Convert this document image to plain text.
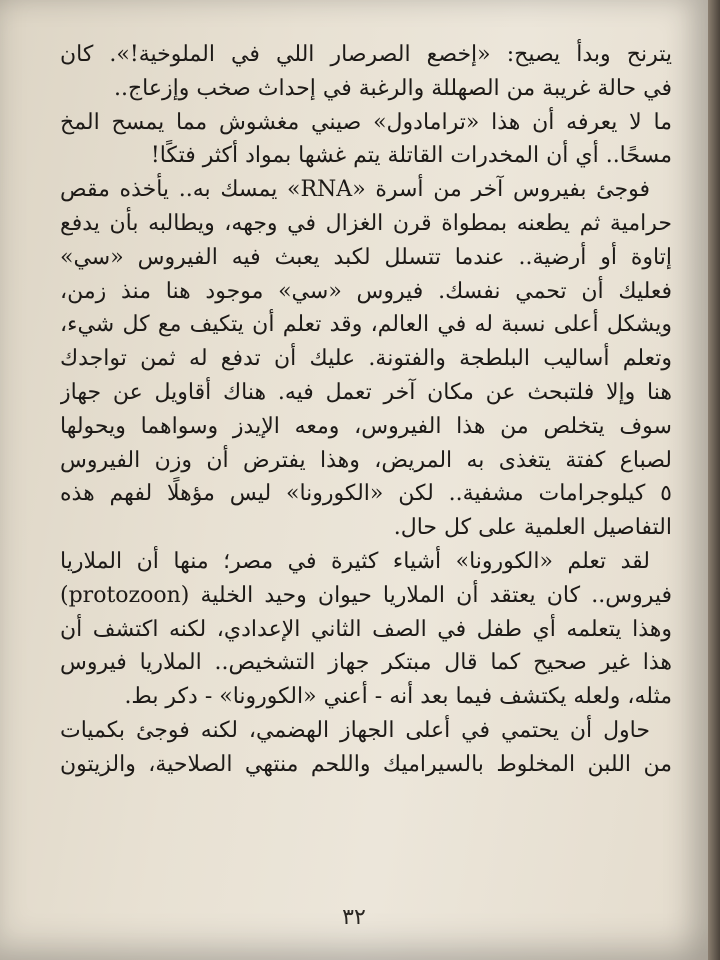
يترنح وبدأ يصيح: «إخصع الصرصار اللي في الملوخية!». كان
في حالة غريبة من الصهللة والرغبة في إحداث صخب وإزعاج..
ما لا يعرفه أن هذا «ترامادول» صيني مغشوش مما يمسح المخ
مسحًا.. أي أن المخدرات القاتلة يتم غشها بمواد أكثر فتكًا!
فوجئ بفيروس آخر من أسرة «RNA» يمسك به.. يأخذه مقص
حرامية ثم يطعنه بمطواة قرن الغزال في وجهه، ويطالبه بأن يدفع
إتاوة أو أرضية.. عندما تتسلل لكبد يعبث فيه الفيروس «سي»
فعليك أن تحمي نفسك. فيروس «سي» موجود هنا منذ زمن،
ويشكل أعلى نسبة له في العالم، وقد تعلم أن يتكيف مع كل شيء،
وتعلم أساليب البلطجة والفتونة. عليك أن تدفع له ثمن تواجدك
هنا وإلا فلتبحث عن مكان آخر تعمل فيه. هناك أقاويل عن جهاز
سوف يتخلص من هذا الفيروس، ومعه الإيدز وسواهما ويحولها
لصباع كفتة يتغذى به المريض، وهذا يفترض أن وزن الفيروس
٥ كيلوجرامات مشفية.. لكن «الكورونا» ليس مؤهلًا لفهم هذه
التفاصيل العلمية على كل حال.
لقد تعلم «الكورونا» أشياء كثيرة في مصر؛ منها أن الملاريا
فيروس.. كان يعتقد أن الملاريا حيوان وحيد الخلية (protozoon)
وهذا يتعلمه أي طفل في الصف الثاني الإعدادي، لكنه اكتشف أن
هذا غير صحيح كما قال مبتكر جهاز التشخيص.. الملاريا فيروس
مثله، ولعله يكتشف فيما بعد أنه - أعني «الكورونا» - دكر بط.
حاول أن يحتمي في أعلى الجهاز الهضمي، لكنه فوجئ بكميات
من اللبن المخلوط بالسيراميك واللحم منتهي الصلاحية، والزيتون
٣٢
